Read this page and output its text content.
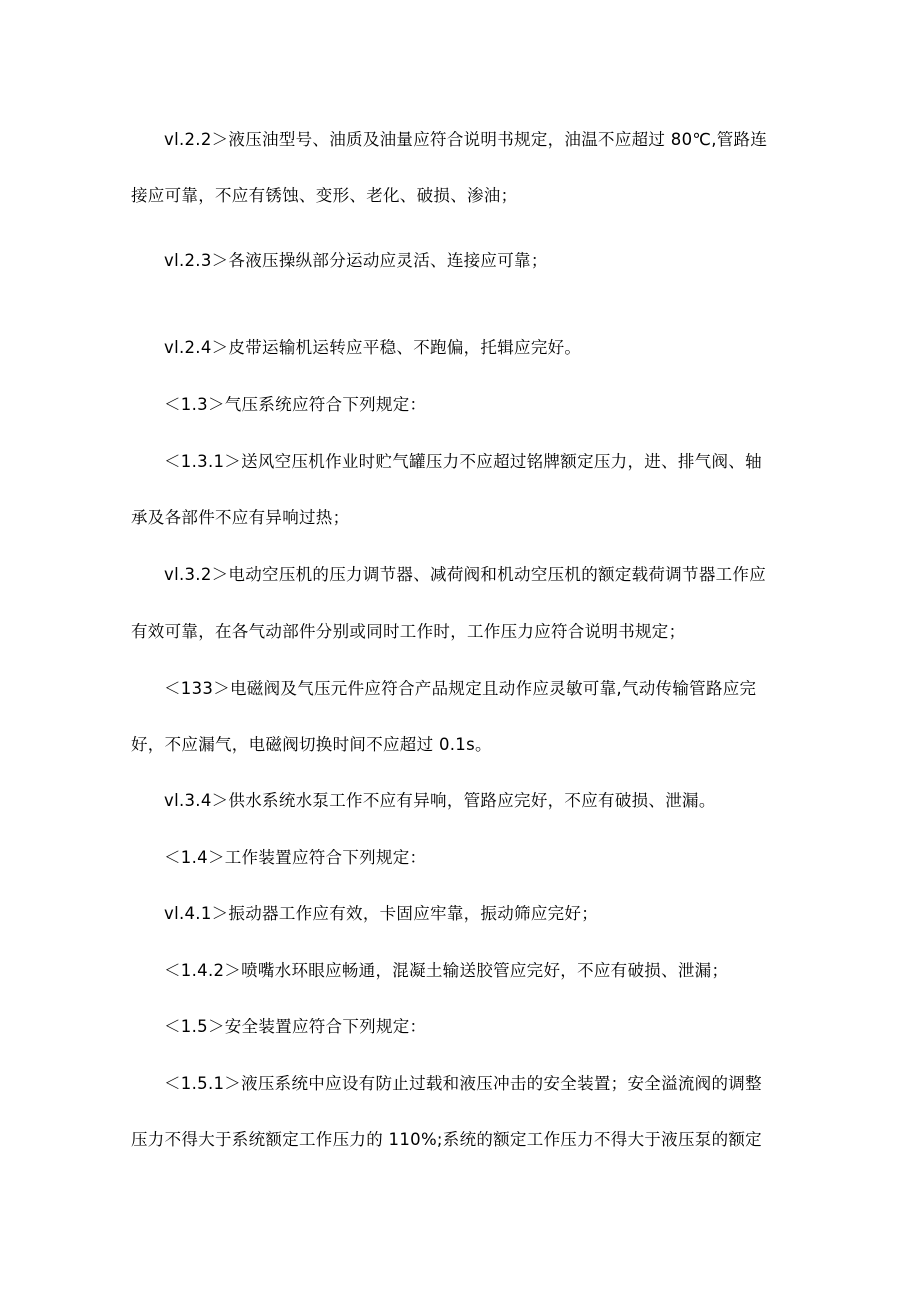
vl.2.2＞液压油型号、油质及油量应符合说明书规定，油温不应超过 80℃,管路连
接应可靠，不应有锈蚀、变形、老化、破损、渗油；
vl.2.3＞各液压操纵部分运动应灵活、连接应可靠；
vl.2.4＞皮带运输机运转应平稳、不跑偏，托辑应完好。
＜1.3＞气压系统应符合下列规定：
＜1.3.1＞送风空压机作业时贮气罐压力不应超过铭牌额定压力，进、排气阀、轴
承及各部件不应有异响过热；
vl.3.2＞电动空压机的压力调节器、减荷阀和机动空压机的额定载荷调节器工作应
有效可靠，在各气动部件分别或同时工作时，工作压力应符合说明书规定；
＜133＞电磁阀及气压元件应符合产品规定且动作应灵敏可靠,气动传输管路应完
好，不应漏气，电磁阀切换时间不应超过 0.1s。
vl.3.4＞供水系统水泵工作不应有异响，管路应完好，不应有破损、泄漏。
＜1.4＞工作装置应符合下列规定：
vl.4.1＞振动器工作应有效，卡固应牢靠，振动筛应完好；
＜1.4.2＞喷嘴水环眼应畅通，混凝土输送胶管应完好，不应有破损、泄漏；
＜1.5＞安全装置应符合下列规定：
＜1.5.1＞液压系统中应设有防止过载和液压冲击的安全装置；安全溢流阀的调整
压力不得大于系统额定工作压力的 110%;系统的额定工作压力不得大于液压泵的额定
